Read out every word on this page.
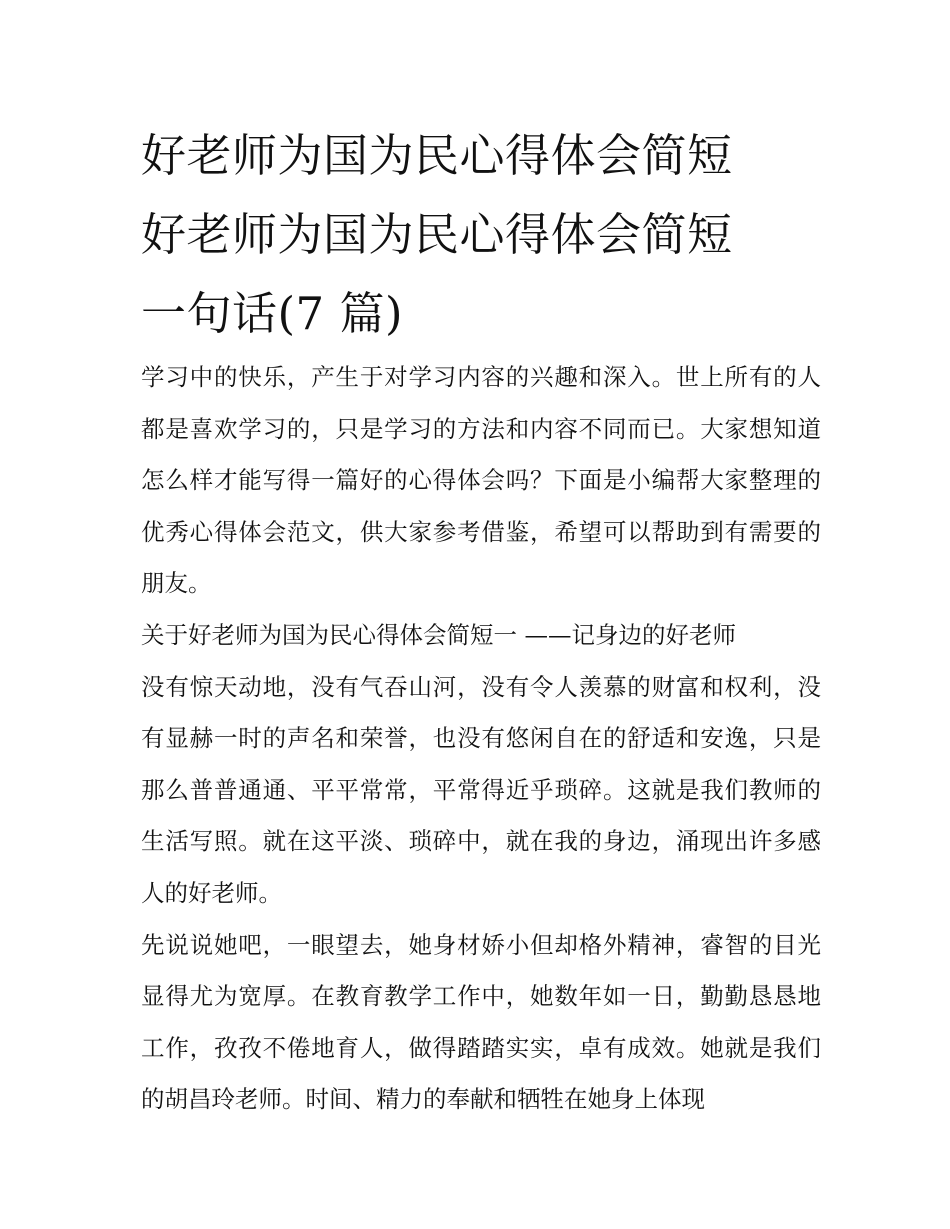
好老师为国为民心得体会简短
好老师为国为民心得体会简短
一句话(7 篇)

学习中的快乐，产生于对学习内容的兴趣和深入。世上所有的人都是喜欢学习的，只是学习的方法和内容不同而已。大家想知道怎么样才能写得一篇好的心得体会吗？下面是小编帮大家整理的优秀心得体会范文，供大家参考借鉴，希望可以帮助到有需要的朋友。

关于好老师为国为民心得体会简短一 ——记身边的好老师

没有惊天动地，没有气吞山河，没有令人羡慕的财富和权利，没有显赫一时的声名和荣誉，也没有悠闲自在的舒适和安逸，只是那么普普通通、平平常常，平常得近乎琐碎。这就是我们教师的生活写照。就在这平淡、琐碎中，就在我的身边，涌现出许多感人的好老师。

先说说她吧，一眼望去，她身材娇小但却格外精神，睿智的目光显得尤为宽厚。在教育教学工作中，她数年如一日，勤勤恳恳地工作，孜孜不倦地育人，做得踏踏实实，卓有成效。她就是我们的胡昌玲老师。时间、精力的奉献和牺牲在她身上体现
